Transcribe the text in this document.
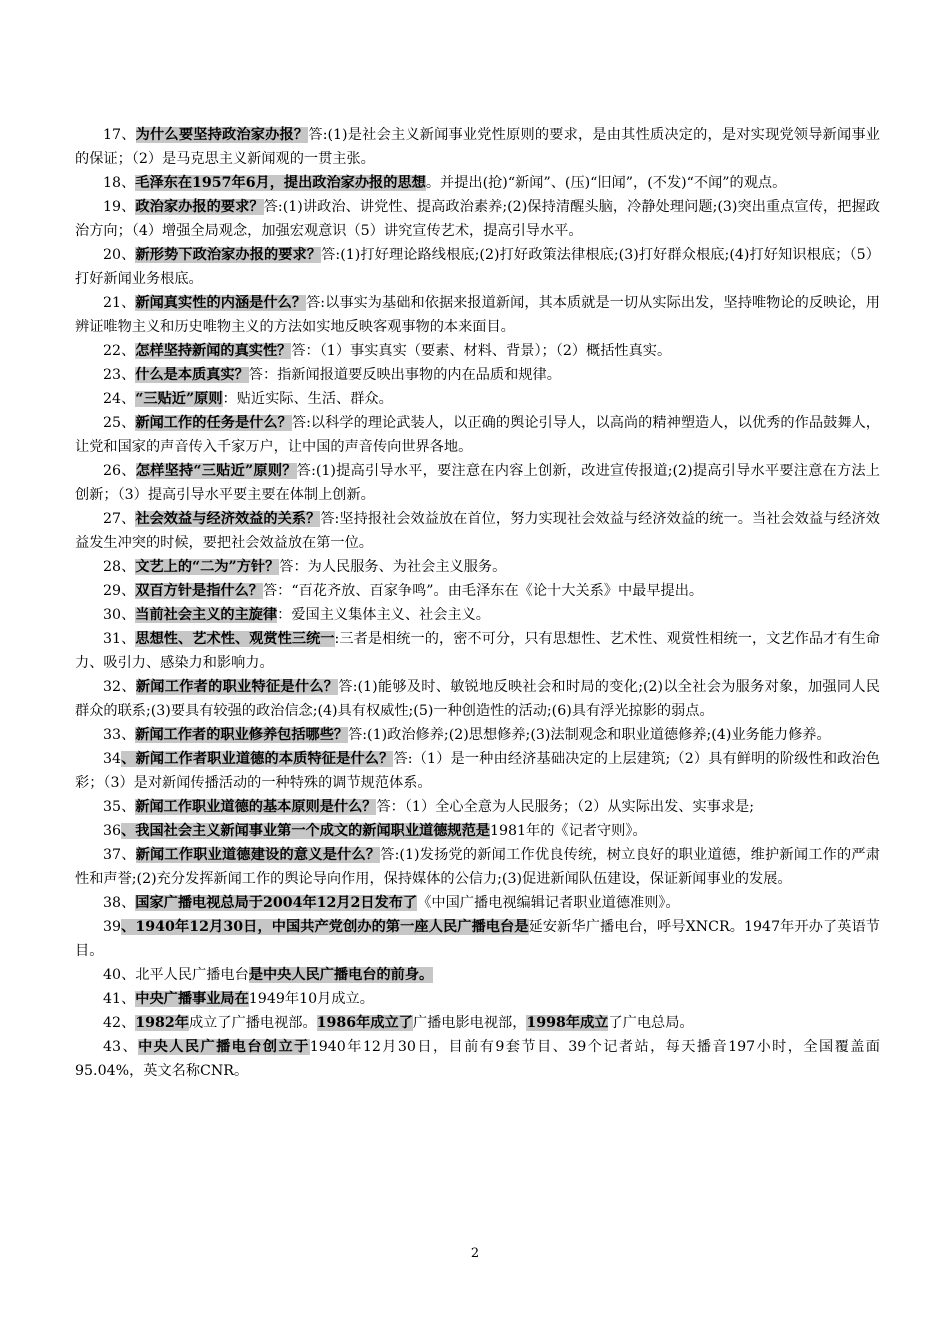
17、为什么要坚持政治家办报？答:(1)是社会主义新闻事业党性原则的要求，是由其性质决定的，是对实现党领导新闻事业的保证；（2）是马克思主义新闻观的一贯主张。

18、毛泽东在1957年6月，提出政治家办报的思想。并提出(抢)“新闻”、(压)“旧闻”，(不发)“不闻”的观点。

19、政治家办报的要求？答:(1)讲政治、讲党性、提高政治素养;(2)保持清醒头脑，冷静处理问题;(3)突出重点宣传，把握政治方向；（4）增强全局观念，加强宏观意识（5）讲究宣传艺术，提高引导水平。

20、新形势下政治家办报的要求？答:(1)打好理论路线根底;(2)打好政策法律根底;(3)打好群众根底;(4)打好知识根底；（5）打好新闻业务根底。

21、新闻真实性的内涵是什么？答:以事实为基础和依据来报道新闻，其本质就是一切从实际出发，坚持唯物论的反映论，用辨证唯物主义和历史唯物主义的方法如实地反映客观事物的本来面目。

22、怎样坚持新闻的真实性？答：（1）事实真实（要素、材料、背景）；（2）概括性真实。

23、什么是本质真实？答：指新闻报道要反映出事物的内在品质和规律。

24、“三贴近”原则：贴近实际、生活、群众。

25、新闻工作的任务是什么？答:以科学的理论武装人，以正确的舆论引导人，以高尚的精神塑造人，以优秀的作品鼓舞人，让党和国家的声音传入千家万户，让中国的声音传向世界各地。

26、怎样坚持“三贴近”原则？答:(1)提高引导水平，要注意在内容上创新，改进宣传报道;(2)提高引导水平要注意在方法上创新；（3）提高引导水平要主要在体制上创新。

27、社会效益与经济效益的关系？答:坚持报社会效益放在首位，努力实现社会效益与经济效益的统一。当社会效益与经济效益发生冲突的时候，要把社会效益放在第一位。

28、文艺上的“二为”方针？答：为人民服务、为社会主义服务。

29、双百方针是指什么？答：“百花齐放、百家争鸣”。由毛泽东在《论十大关系》中最早提出。

30、当前社会主义的主旋律：爱国主义集体主义、社会主义。

31、思想性、艺术性、观赏性三统一:三者是相统一的，密不可分，只有思想性、艺术性、观赏性相统一，文艺作品才有生命力、吸引力、感染力和影响力。

32、新闻工作者的职业特征是什么？答:(1)能够及时、敏锐地反映社会和时局的变化;(2)以全社会为服务对象，加强同人民群众的联系;(3)要具有较强的政治信念;(4)具有权威性;(5)一种创造性的活动;(6)具有浮光掠影的弱点。

33、新闻工作者的职业修养包括哪些？答:(1)政治修养;(2)思想修养;(3)法制观念和职业道德修养;(4)业务能力修养。

34、新闻工作者职业道德的本质特征是什么？答:（1）是一种由经济基础决定的上层建筑;（2）具有鲜明的阶级性和政治色彩；（3）是对新闻传播活动的一种特殊的调节规范体系。

35、新闻工作职业道德的基本原则是什么？答：（1）全心全意为人民服务；（2）从实际出发、实事求是;

36、我国社会主义新闻事业第一个成文的新闻职业道德规范是1981年的《记者守则》。

37、新闻工作职业道德建设的意义是什么？答:(1)发扬党的新闻工作优良传统，树立良好的职业道德，维护新闻工作的严肃性和声誉;(2)充分发挥新闻工作的舆论导向作用，保持媒体的公信力;(3)促进新闻队伍建设，保证新闻事业的发展。

38、国家广播电视总局于2004年12月2日发布了《中国广播电视编辑记者职业道德准则》。

39、1940年12月30日，中国共产党创办的第一座人民广播电台是延安新华广播电台，呼号XNCR。1947年开办了英语节目。

40、北平人民广播电台是中央人民广播电台的前身。

41、中央广播事业局在1949年10月成立。

42、1982年成立了广播电视部。1986年成立了广播电影电视部，1998年成立了广电总局。

43、中央人民广播电台创立于1940年12月30日，目前有9套节目、39个记者站，每天播音197小时，全国覆盖面95.04%，英文名称CNR。

2
